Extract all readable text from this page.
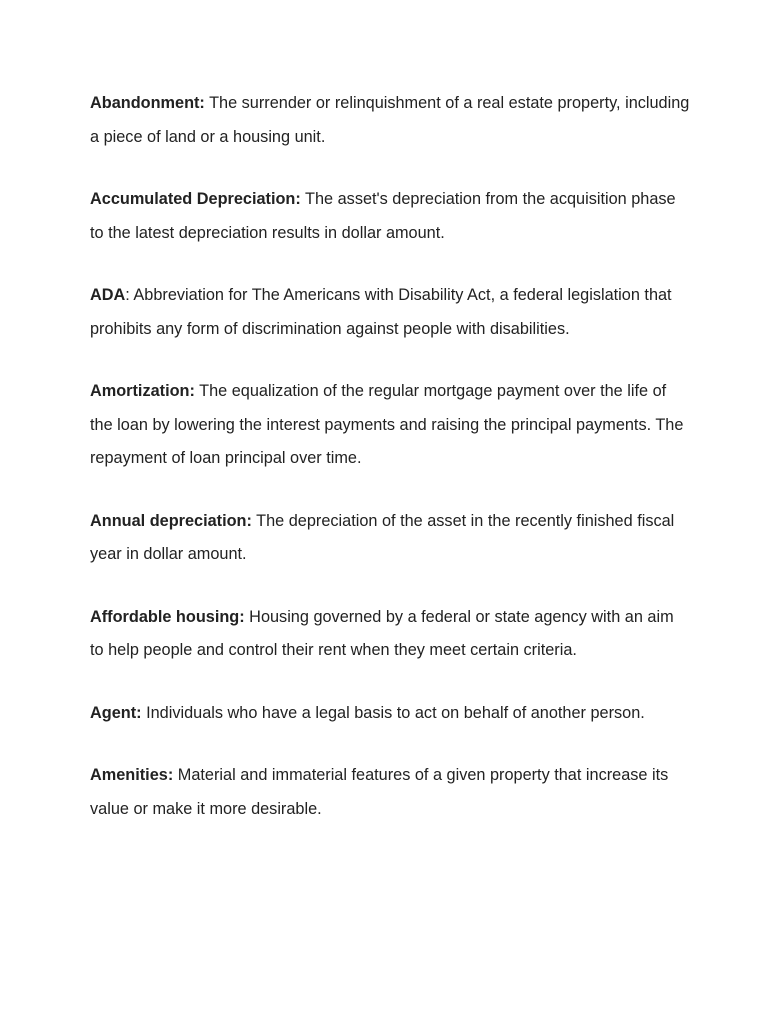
Abandonment: The surrender or relinquishment of a real estate property, including a piece of land or a housing unit.

Accumulated Depreciation: The asset's depreciation from the acquisition phase to the latest depreciation results in dollar amount.

ADA: Abbreviation for The Americans with Disability Act, a federal legislation that prohibits any form of discrimination against people with disabilities.

Amortization: The equalization of the regular mortgage payment over the life of the loan by lowering the interest payments and raising the principal payments. The repayment of loan principal over time.

Annual depreciation: The depreciation of the asset in the recently finished fiscal year in dollar amount.

Affordable housing: Housing governed by a federal or state agency with an aim to help people and control their rent when they meet certain criteria.

Agent: Individuals who have a legal basis to act on behalf of another person.

Amenities: Material and immaterial features of a given property that increase its value or make it more desirable.
